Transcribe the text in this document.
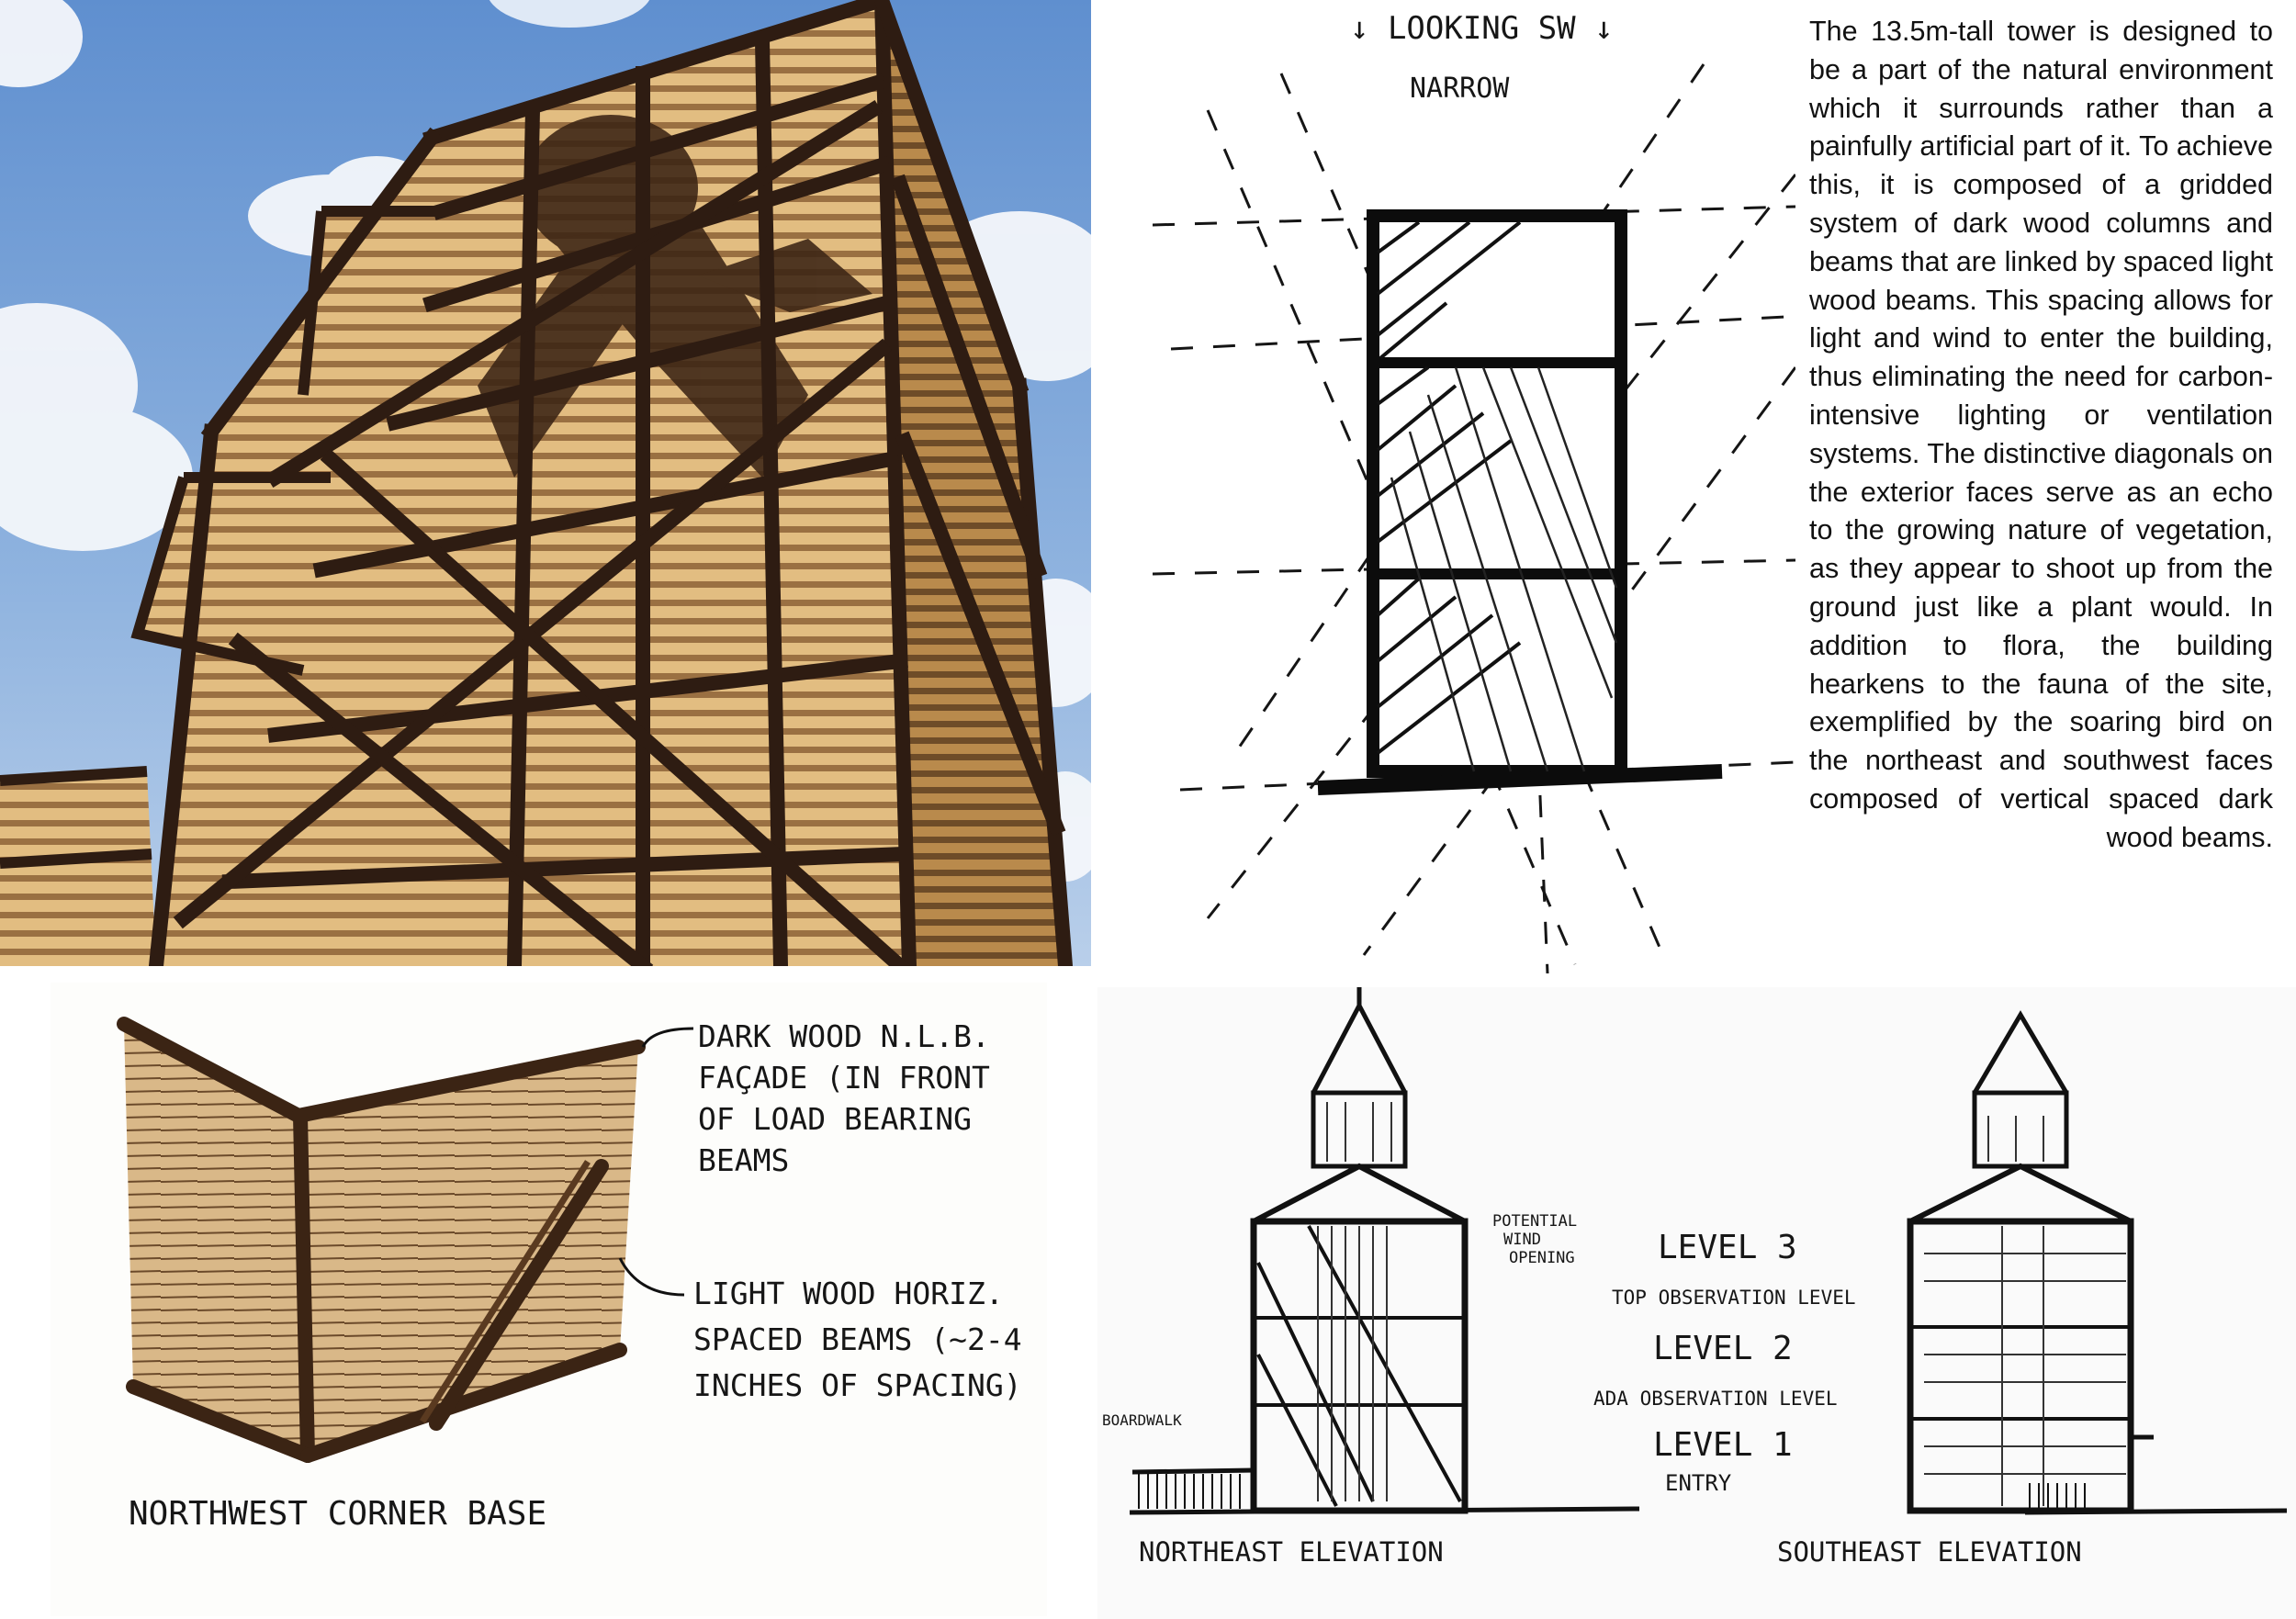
↓ LOOKING SW ↓
NARROW
The 13.5m-tall tower is designed to be a part of the natural environment which it surrounds rather than a painfully artificial part of it. To achieve this, it is composed of a gridded system of dark wood columns and beams that are linked by spaced light wood beams. This spacing allows for light and wind to enter the building, thus eliminating the need for carbon-intensive lighting or ventilation systems. The distinctive diagonals on the exterior faces serve as an echo to the growing nature of vegetation, as they appear to shoot up from the ground just like a plant would. In addition to flora, the building hearkens to the fauna of the site, exemplified by the soaring bird on the northeast and southwest faces composed of vertical spaced dark wood beams.
DARK WOOD N.L.B.
FAÇADE (IN FRONT
OF LOAD BEARING
BEAMS
LIGHT WOOD HORIZ.
SPACED BEAMS (~2-4
INCHES OF SPACING)
NORTHWEST CORNER BASE
BOARDWALK
POTENTIAL
WIND
OPENING	LEVEL 3
TOP OBSERVATION LEVEL
LEVEL 2
ADA OBSERVATION LEVEL
LEVEL 1
ENTRY
NORTHEAST ELEVATION	SOUTHEAST ELEVATION
